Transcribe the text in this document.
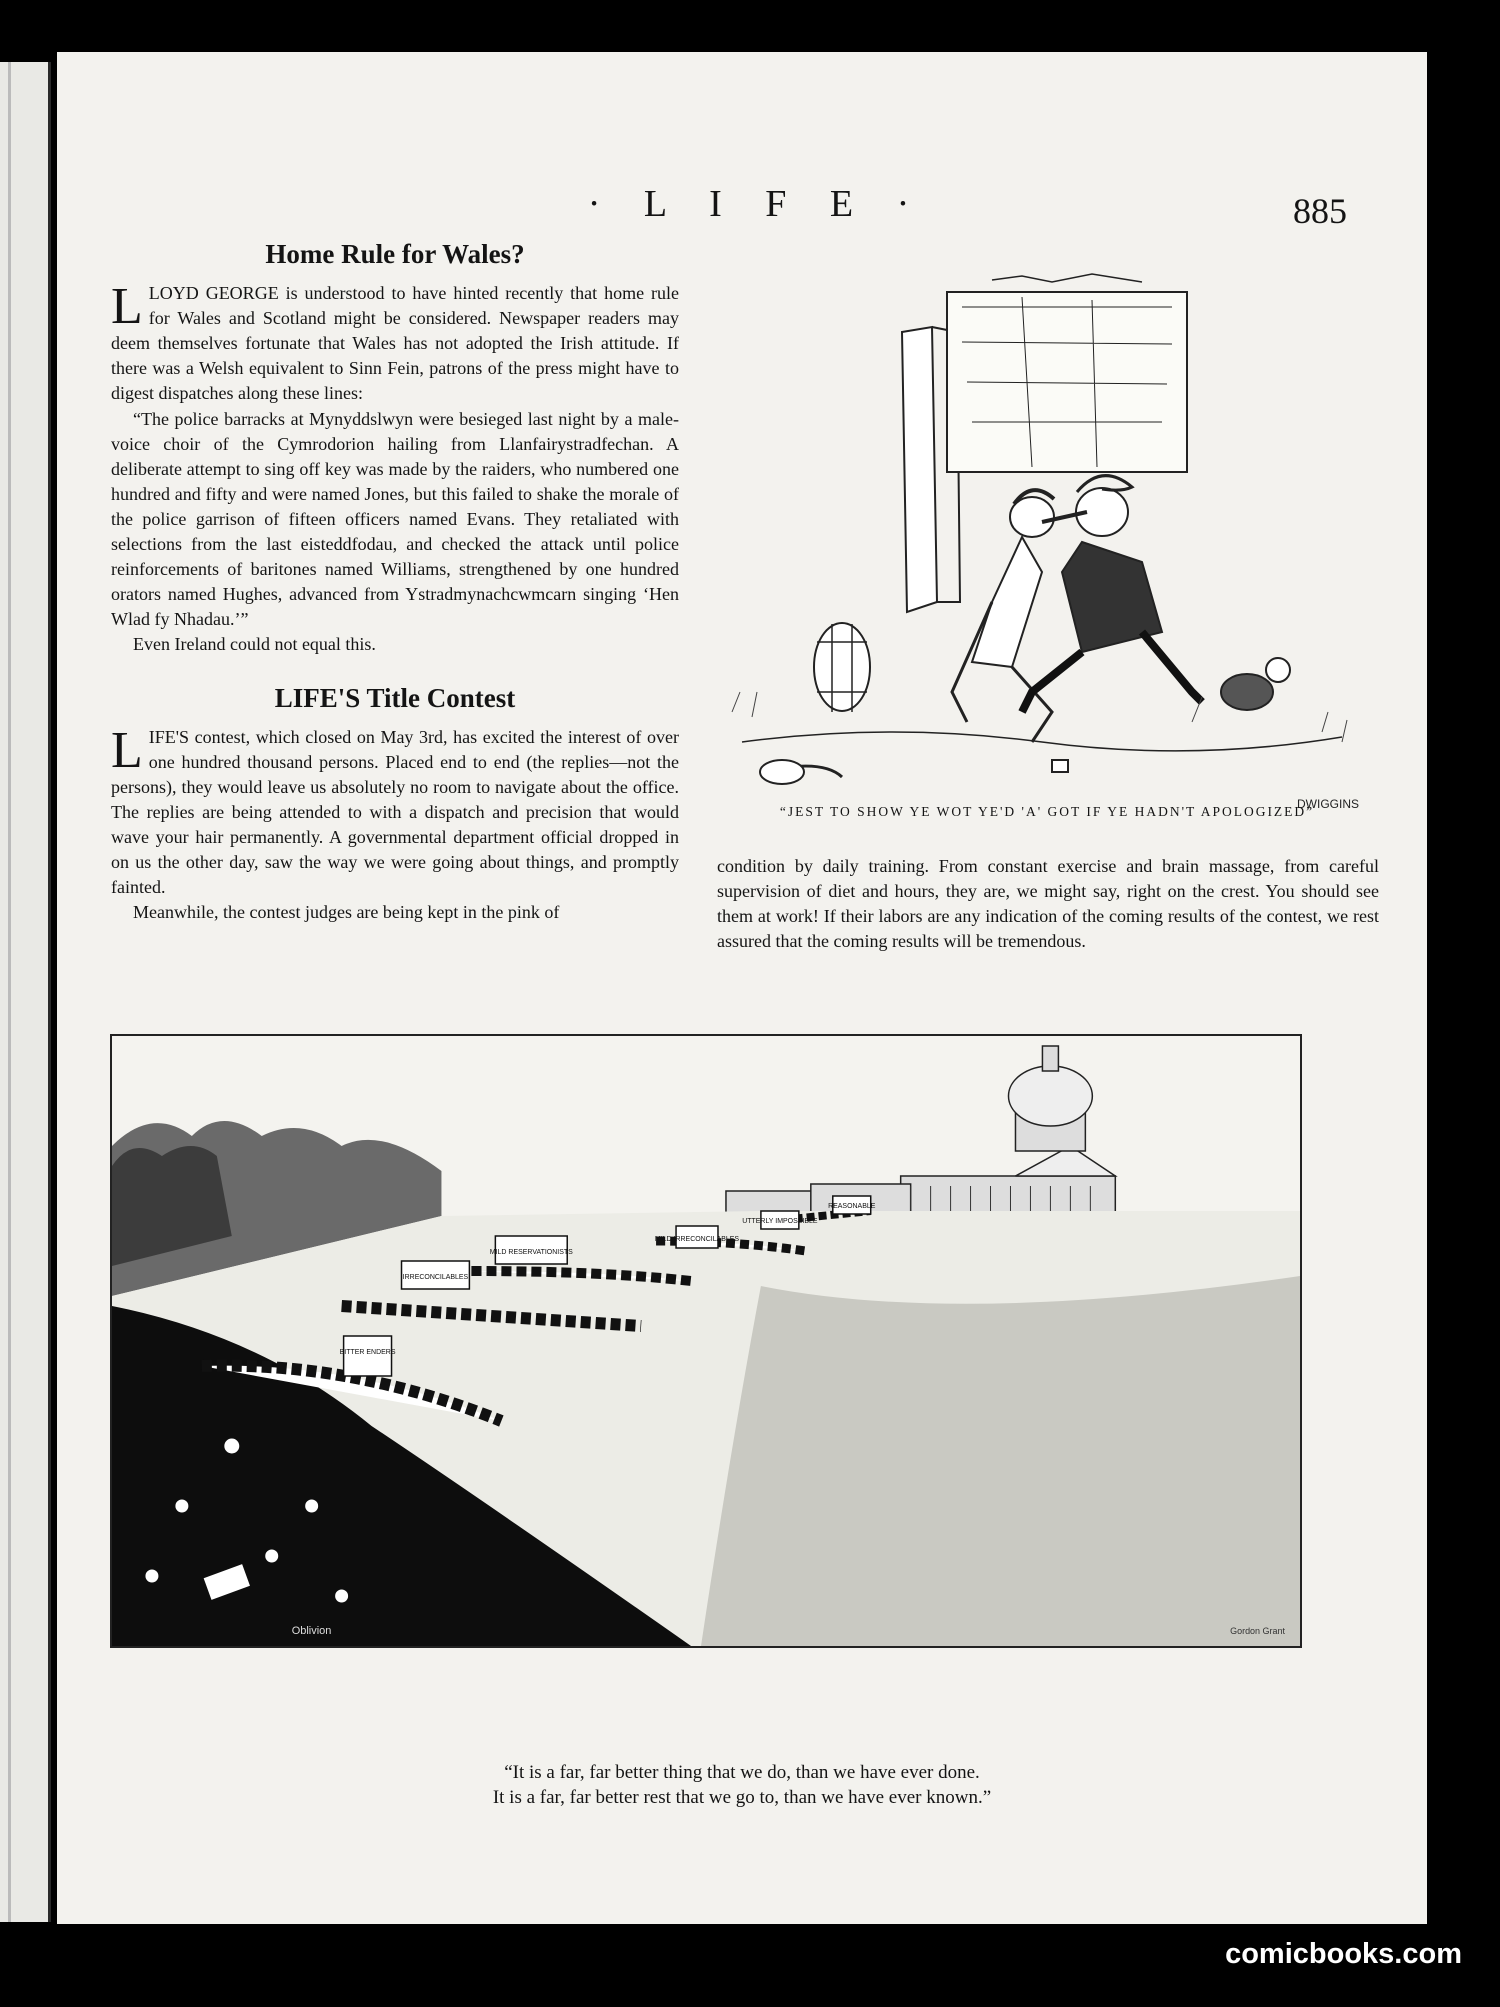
· L I F E ·	885
Home Rule for Wales?

LLOYD GEORGE is understood to have hinted recently that home rule for Wales and Scotland might be considered. Newspaper readers may deem themselves fortunate that Wales has not adopted the Irish attitude. If there was a Welsh equivalent to Sinn Fein, patrons of the press might have to digest dispatches along these lines:

“The police barracks at Mynyddslwyn were besieged last night by a male-voice choir of the Cymrodorion hailing from Llanfairystradfechan. A deliberate attempt to sing off key was made by the raiders, who numbered one hundred and fifty and were named Jones, but this failed to shake the morale of the police garrison of fifteen officers named Evans. They retaliated with selections from the last eisteddfodau, and checked the attack until police reinforcements of baritones named Williams, strengthened by one hundred orators named Hughes, advanced from Ystradmynachcwmcarn singing ‘Hen Wlad fy Nhadau.’”

Even Ireland could not equal this.

LIFE'S Title Contest

LIFE'S contest, which closed on May 3rd, has excited the interest of over one hundred thousand persons. Placed end to end (the replies—not the persons), they would leave us absolutely no room to navigate about the office. The replies are being attended to with a dispatch and precision that would wave your hair permanently. A governmental department official dropped in on us the other day, saw the way we were going about things, and promptly fainted.

Meanwhile, the contest judges are being kept in the pink of

DWIGGINS
“JEST TO SHOW YE WOT YE'D 'A' GOT IF YE HADN'T APOLOGIZED”

condition by daily training. From constant exercise and brain massage, from careful supervision of diet and hours, they are, we might say, right on the crest. You should see them at work! If their labors are any indication of the coming results of the contest, we rest assured that the coming results will be tremendous.

BITTER ENDERS
IRRECONCILABLES
MILD RESERVATIONISTS
MILD IRRECONCILABLES
UTTERLY IMPOSSIBLE
REASONABLE
Oblivion	Gordon Grant
“It is a far, far better thing that we do, than we have ever done.
It is a far, far better rest that we go to, than we have ever known.”
comicbooks.com
